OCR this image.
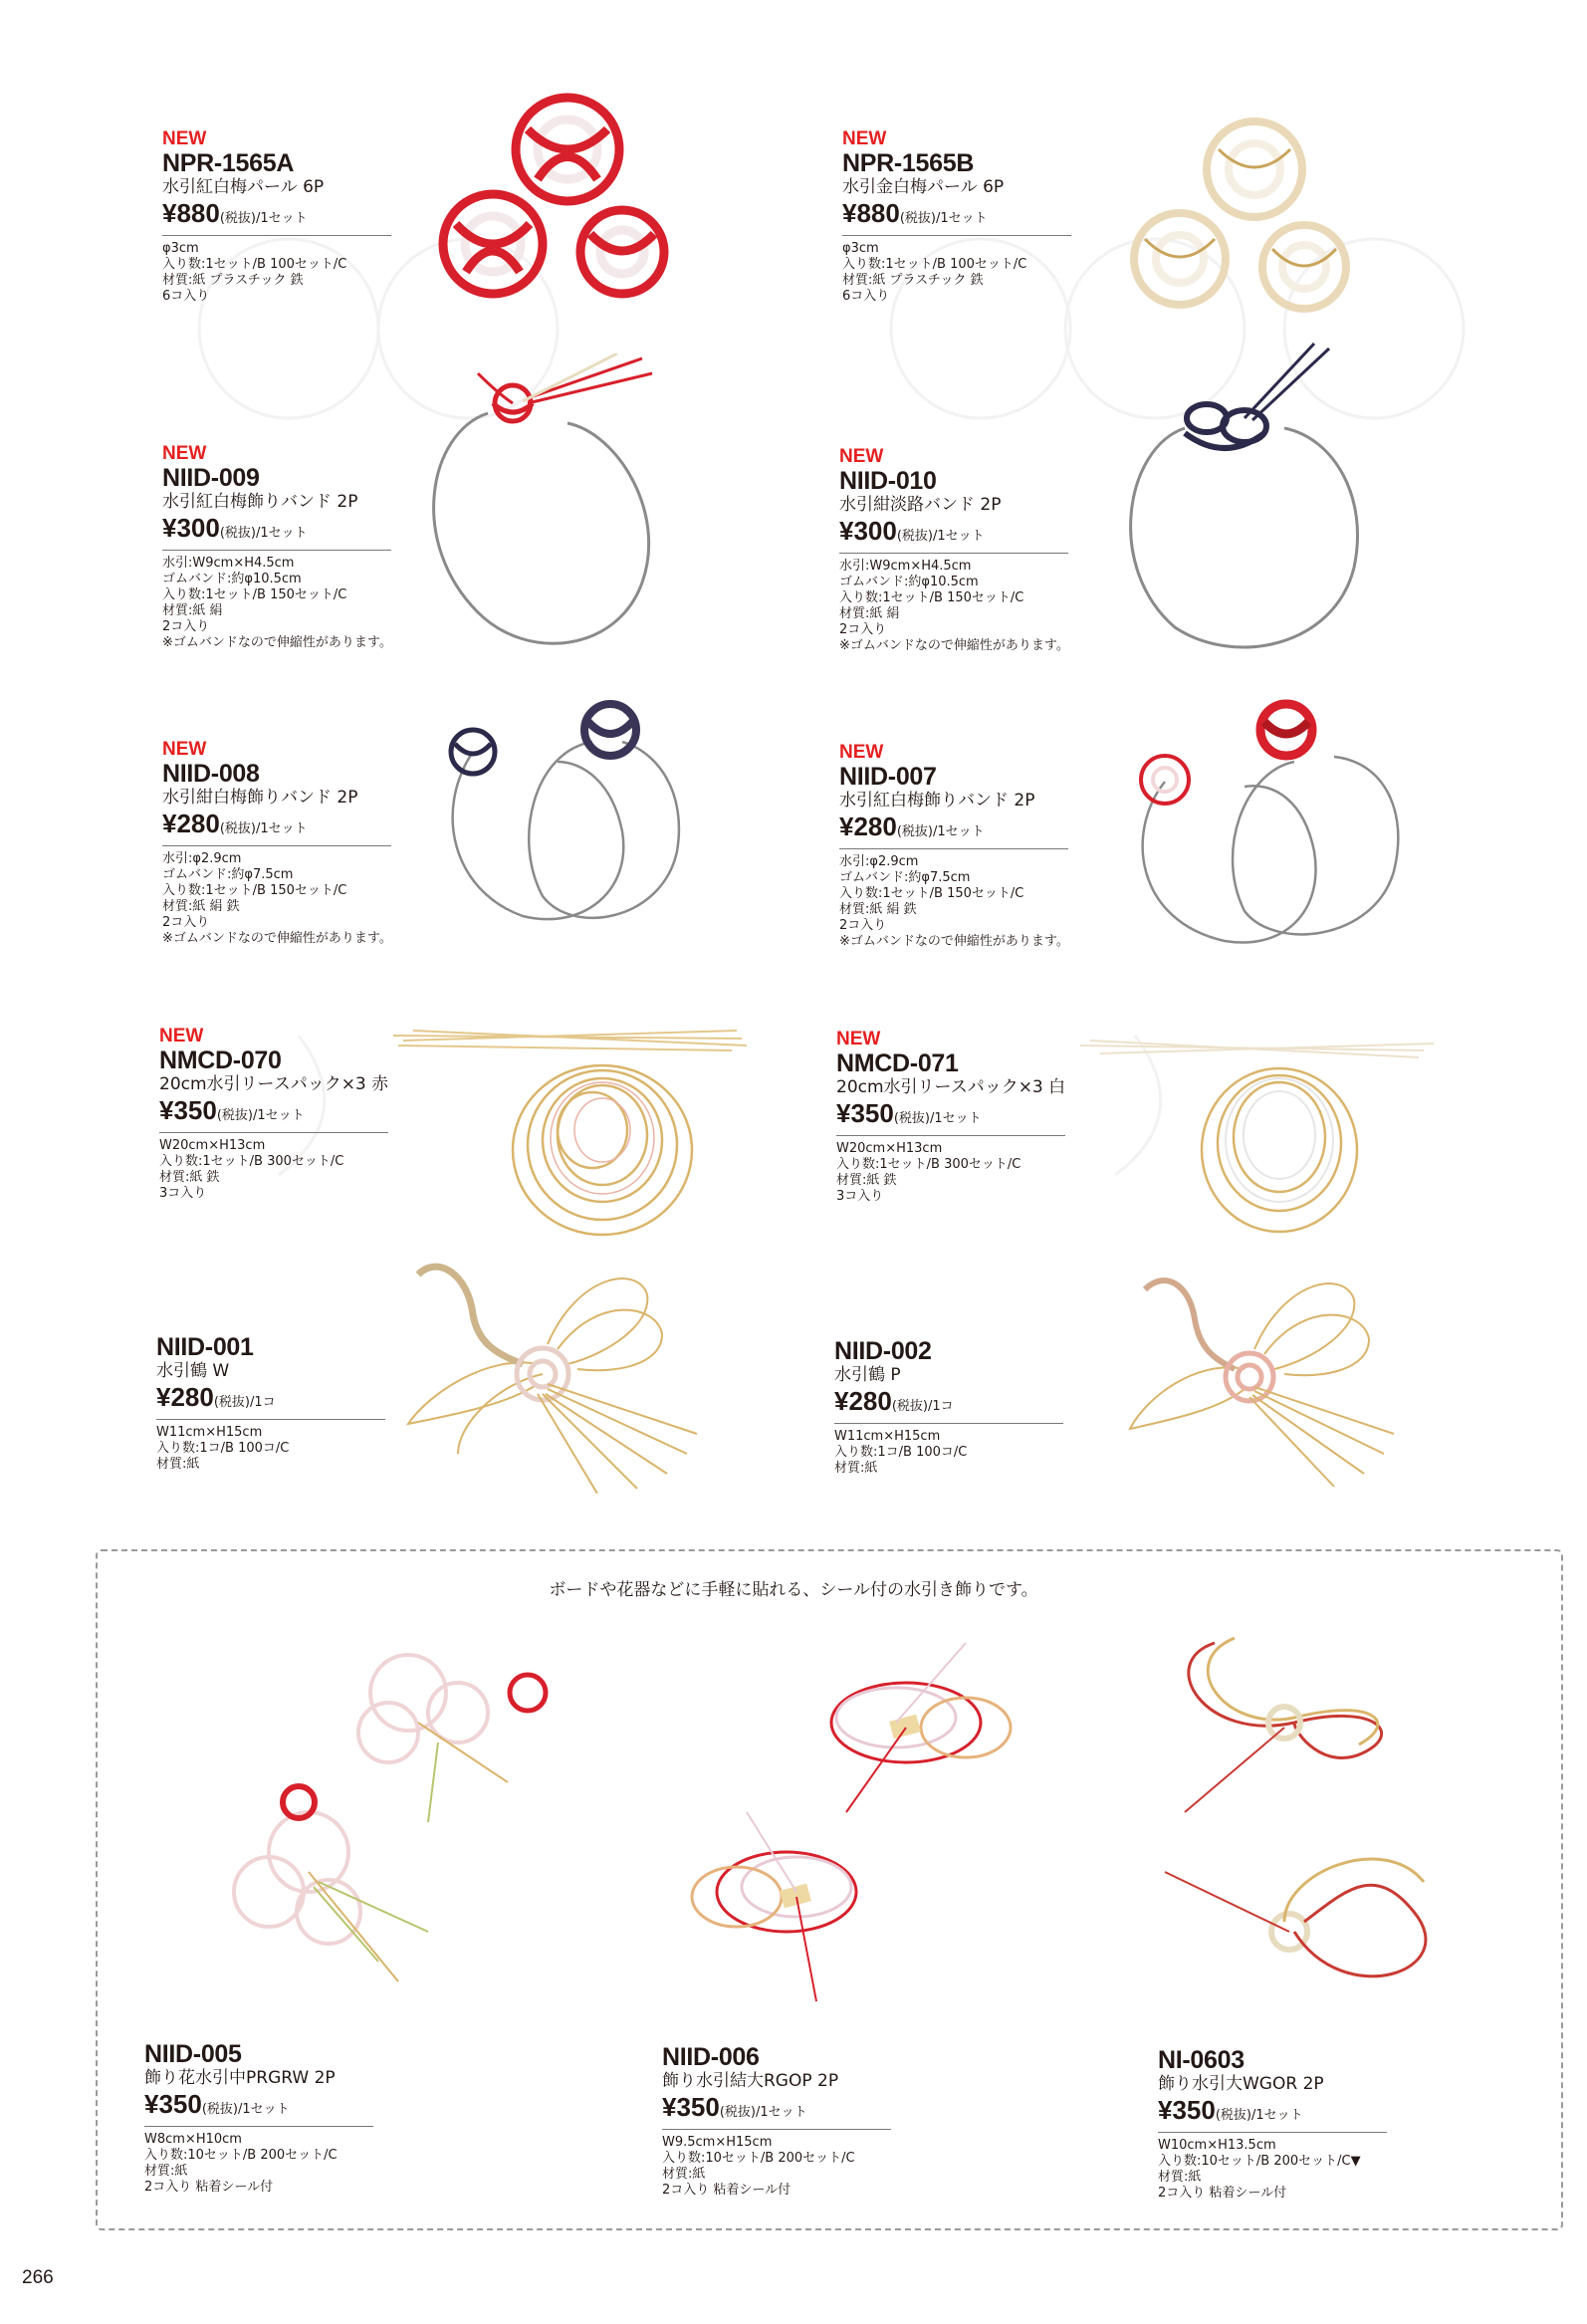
NEW
NPR-1565A
水引紅白梅パール 6P
¥880(税抜)/1セット
φ3cm
入り数:1セット/B 100セット/C
材質:紙 プラスチック 鉄
6コ入り
NEW
NPR-1565B
水引金白梅パール 6P
¥880(税抜)/1セット
φ3cm
入り数:1セット/B 100セット/C
材質:紙 プラスチック 鉄
6コ入り
NEW
NIID-009
水引紅白梅飾りバンド 2P
¥300(税抜)/1セット
水引:W9cm×H4.5cm
ゴムバンド:約φ10.5cm
入り数:1セット/B 150セット/C
材質:紙 絹
2コ入り
※ゴムバンドなので伸縮性があります。
NEW
NIID-010
水引紺淡路バンド 2P
¥300(税抜)/1セット
水引:W9cm×H4.5cm
ゴムバンド:約φ10.5cm
入り数:1セット/B 150セット/C
材質:紙 絹
2コ入り
※ゴムバンドなので伸縮性があります。
NEW
NIID-008
水引紺白梅飾りバンド 2P
¥280(税抜)/1セット
水引:φ2.9cm
ゴムバンド:約φ7.5cm
入り数:1セット/B 150セット/C
材質:紙 絹 鉄
2コ入り
※ゴムバンドなので伸縮性があります。
NEW
NIID-007
水引紅白梅飾りバンド 2P
¥280(税抜)/1セット
水引:φ2.9cm
ゴムバンド:約φ7.5cm
入り数:1セット/B 150セット/C
材質:紙 絹 鉄
2コ入り
※ゴムバンドなので伸縮性があります。
NEW
NMCD-070
20cm水引リースパック×3 赤
¥350(税抜)/1セット
W20cm×H13cm
入り数:1セット/B 300セット/C
材質:紙 鉄
3コ入り
NEW
NMCD-071
20cm水引リースパック×3 白
¥350(税抜)/1セット
W20cm×H13cm
入り数:1セット/B 300セット/C
材質:紙 鉄
3コ入り
NIID-001
水引鶴 W
¥280(税抜)/1コ
W11cm×H15cm
入り数:1コ/B 100コ/C
材質:紙
NIID-002
水引鶴 P
¥280(税抜)/1コ
W11cm×H15cm
入り数:1コ/B 100コ/C
材質:紙
ボードや花器などに手軽に貼れる、シール付の水引き飾りです。
NIID-005
飾り花水引中PRGRW 2P
¥350(税抜)/1セット
W8cm×H10cm
入り数:10セット/B 200セット/C
材質:紙
2コ入り 粘着シール付
NIID-006
飾り水引結大RGOP 2P
¥350(税抜)/1セット
W9.5cm×H15cm
入り数:10セット/B 200セット/C
材質:紙
2コ入り 粘着シール付
NI-0603
飾り水引大WGOR 2P
¥350(税抜)/1セット
W10cm×H13.5cm
入り数:10セット/B 200セット/C▼
材質:紙
2コ入り 粘着シール付
266
